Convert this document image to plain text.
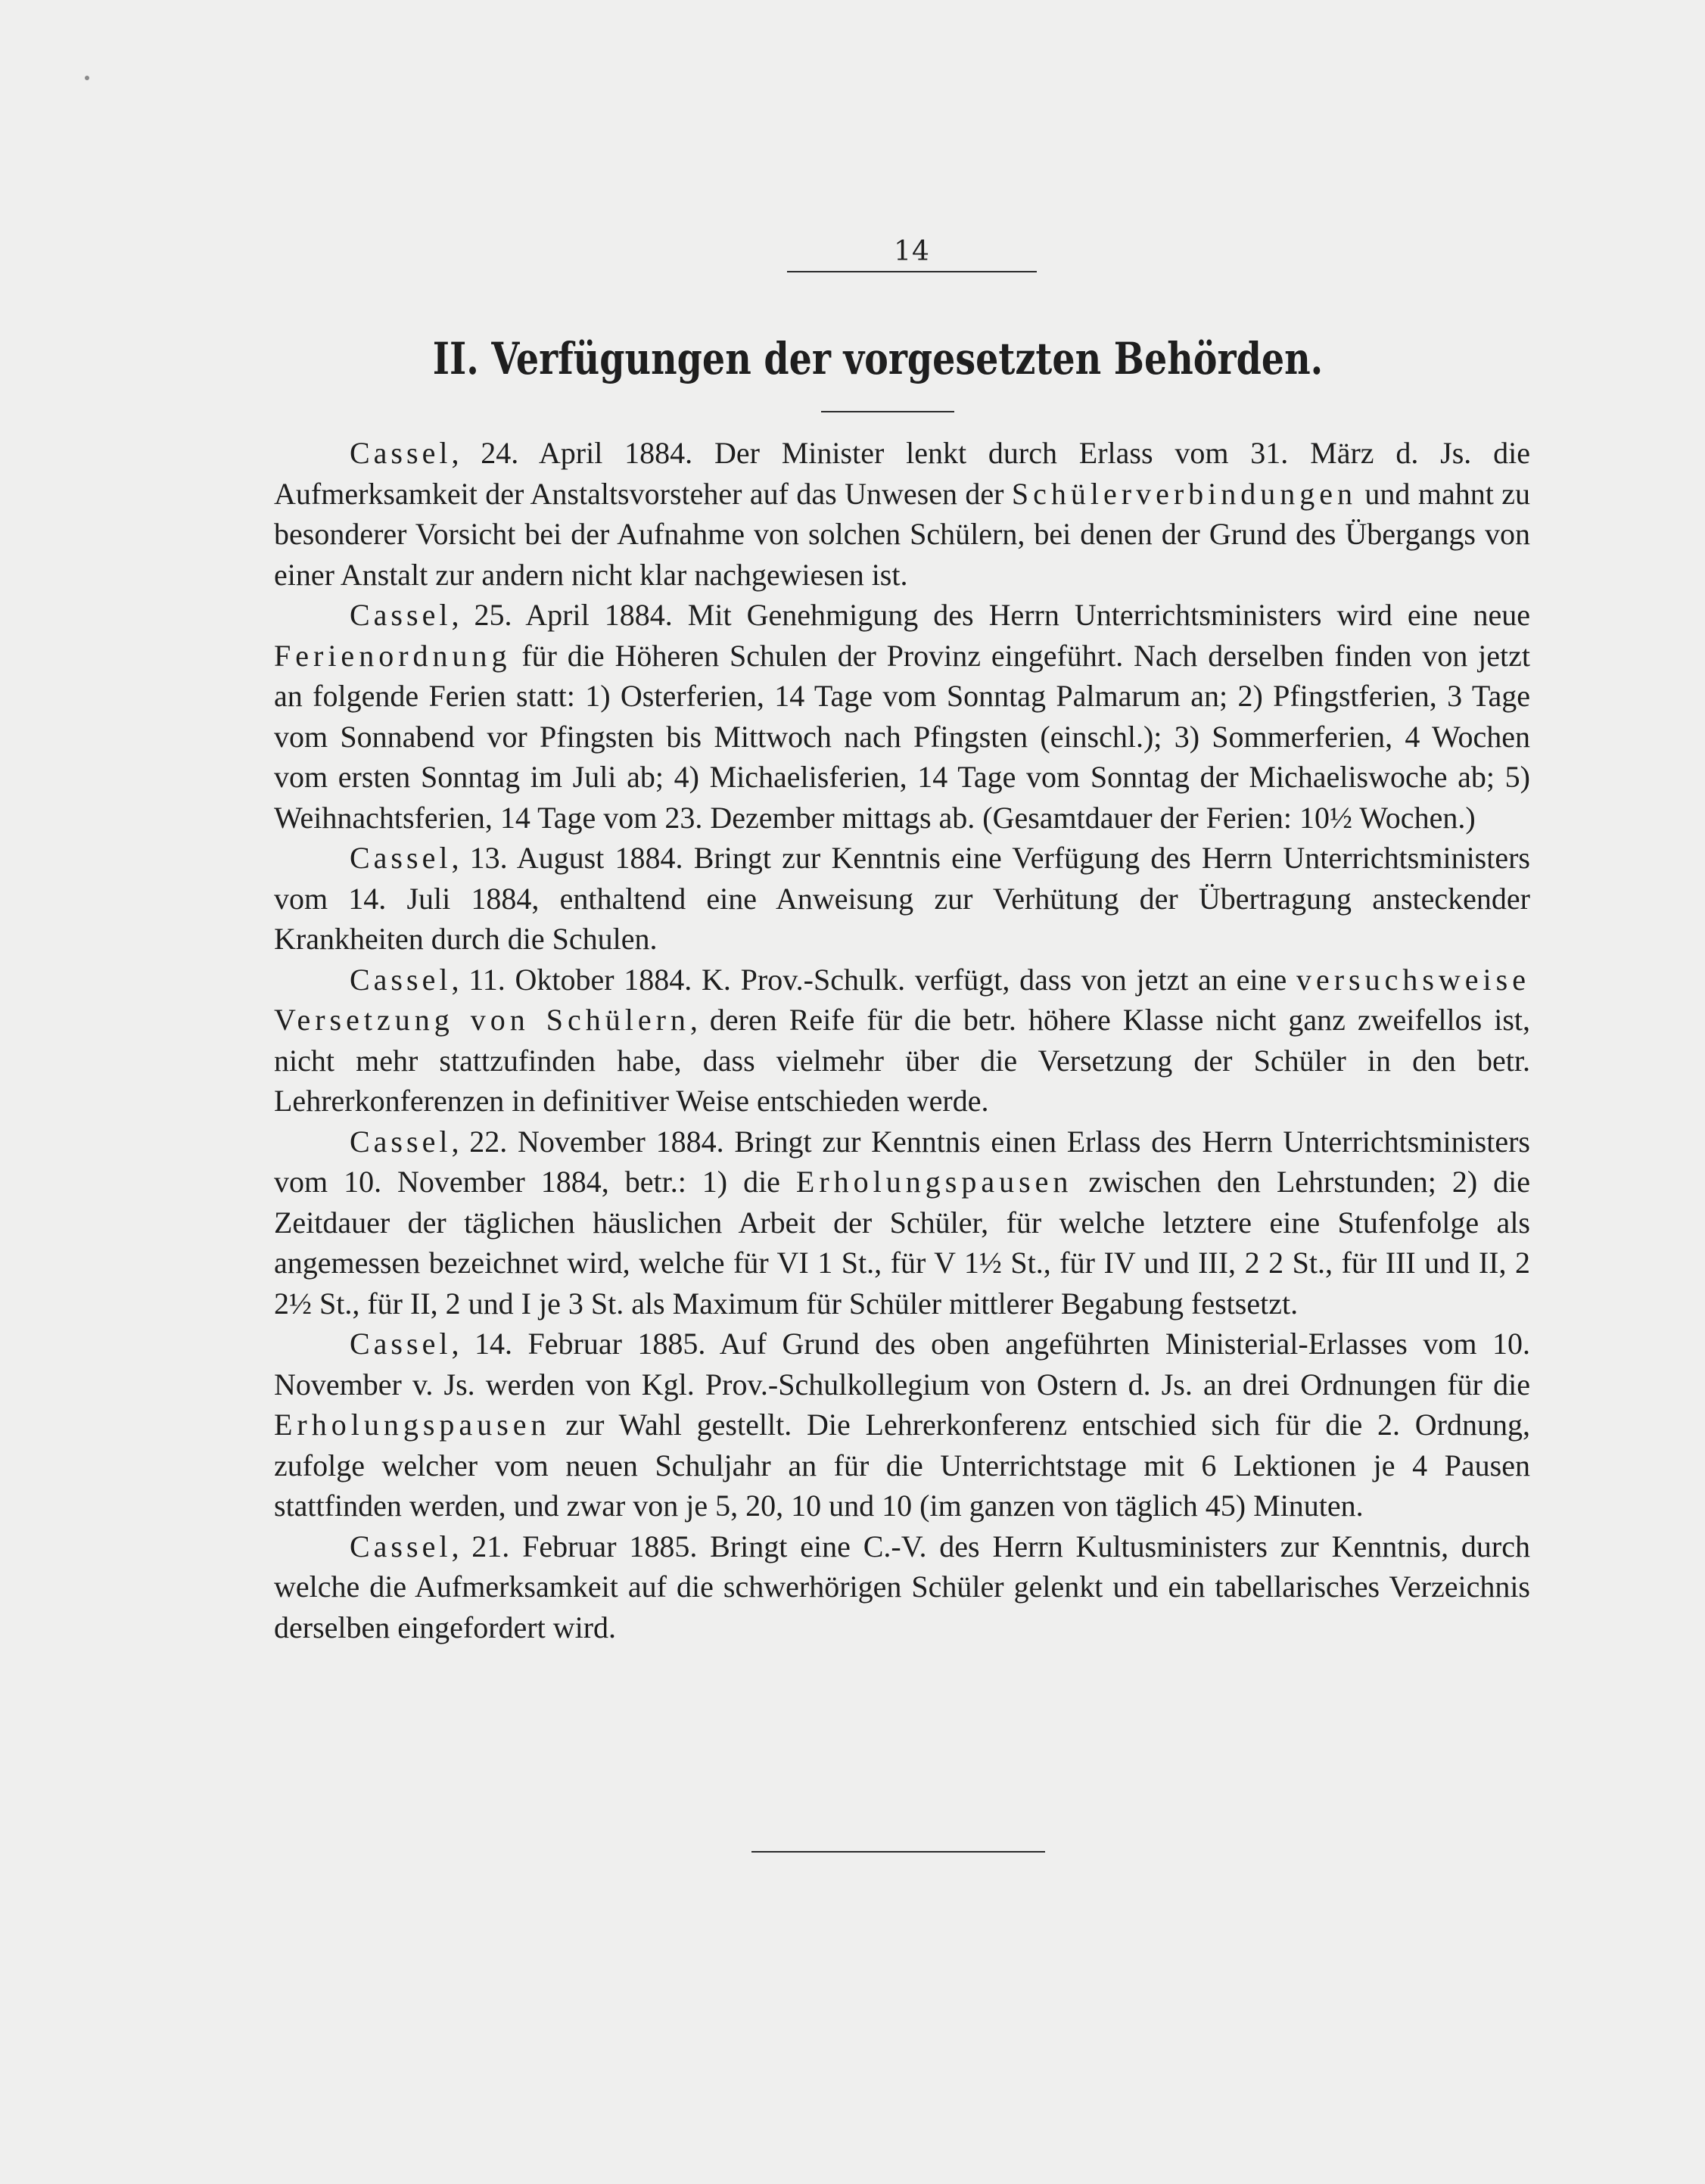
14
II. Verfügungen der vorgesetzten Behörden.

Cassel, 24. April 1884. Der Minister lenkt durch Erlass vom 31. März d. Js. die Aufmerksamkeit der Anstaltsvorsteher auf das Unwesen der Schülerverbindungen und mahnt zu besonderer Vorsicht bei der Aufnahme von solchen Schülern, bei denen der Grund des Übergangs von einer Anstalt zur andern nicht klar nachgewiesen ist.

Cassel, 25. April 1884. Mit Genehmigung des Herrn Unterrichtsministers wird eine neue Ferienordnung für die Höheren Schulen der Provinz eingeführt. Nach derselben finden von jetzt an folgende Ferien statt: 1) Osterferien, 14 Tage vom Sonntag Palmarum an; 2) Pfingstferien, 3 Tage vom Sonnabend vor Pfingsten bis Mittwoch nach Pfingsten (einschl.); 3) Sommerferien, 4 Wochen vom ersten Sonntag im Juli ab; 4) Michaelisferien, 14 Tage vom Sonntag der Michaeliswoche ab; 5) Weihnachtsferien, 14 Tage vom 23. Dezember mittags ab. (Gesamtdauer der Ferien: 10½ Wochen.)

Cassel, 13. August 1884. Bringt zur Kenntnis eine Verfügung des Herrn Unterrichtsministers vom 14. Juli 1884, enthaltend eine Anweisung zur Verhütung der Übertragung ansteckender Krankheiten durch die Schulen.

Cassel, 11. Oktober 1884. K. Prov.-Schulk. verfügt, dass von jetzt an eine versuchsweise Versetzung von Schülern, deren Reife für die betr. höhere Klasse nicht ganz zweifellos ist, nicht mehr stattzufinden habe, dass vielmehr über die Versetzung der Schüler in den betr. Lehrerkonferenzen in definitiver Weise entschieden werde.

Cassel, 22. November 1884. Bringt zur Kenntnis einen Erlass des Herrn Unterrichtsministers vom 10. November 1884, betr.: 1) die Erholungspausen zwischen den Lehrstunden; 2) die Zeitdauer der täglichen häuslichen Arbeit der Schüler, für welche letztere eine Stufenfolge als angemessen bezeichnet wird, welche für VI 1 St., für V 1½ St., für IV und III, 2 2 St., für III und II, 2 2½ St., für II, 2 und I je 3 St. als Maximum für Schüler mittlerer Begabung festsetzt.

Cassel, 14. Februar 1885. Auf Grund des oben angeführten Ministerial-Erlasses vom 10. November v. Js. werden von Kgl. Prov.-Schulkollegium von Ostern d. Js. an drei Ordnungen für die Erholungspausen zur Wahl gestellt. Die Lehrerkonferenz entschied sich für die 2. Ordnung, zufolge welcher vom neuen Schuljahr an für die Unterrichtstage mit 6 Lektionen je 4 Pausen stattfinden werden, und zwar von je 5, 20, 10 und 10 (im ganzen von täglich 45) Minuten.

Cassel, 21. Februar 1885. Bringt eine C.-V. des Herrn Kultusministers zur Kenntnis, durch welche die Aufmerksamkeit auf die schwerhörigen Schüler gelenkt und ein tabellarisches Verzeichnis derselben eingefordert wird.
